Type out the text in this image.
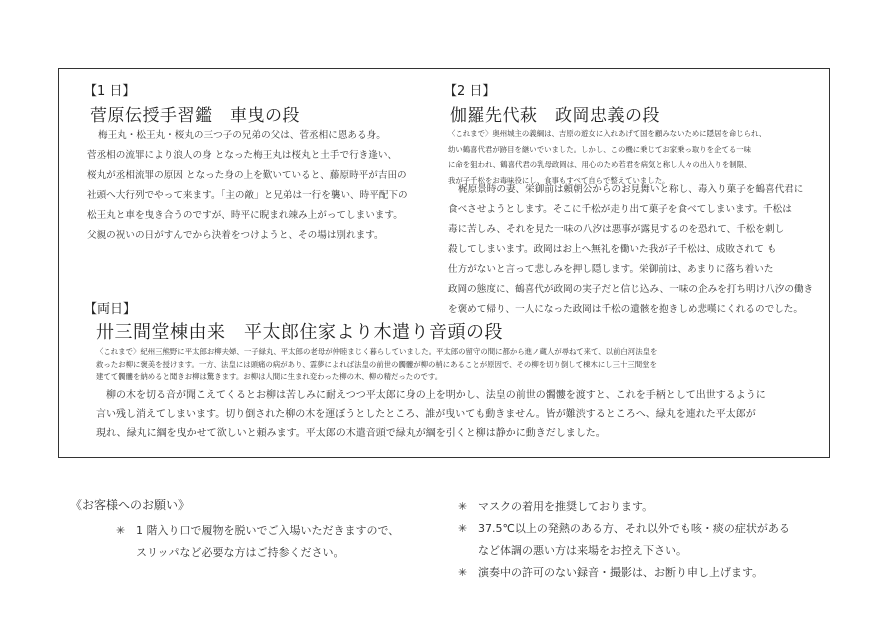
【1 日】
菅原伝授手習鑑　車曳の段
梅王丸・松王丸・桜丸の三つ子の兄弟の父は、菅丞相に恩ある身。
菅丞相の流罪により浪人の身 となった梅王丸は桜丸と土手で行き逢い、
桜丸が丞相流罪の原因 となった身の上を歎いていると、藤原時平が吉田の
社頭へ大行列でやって来ます。「主の敵」と兄弟は一行を襲い、時平配下の
松王丸と車を曳き合うのですが、時平に睨まれ竦み上がってしまいます。
父親の祝いの日がすんでから決着をつけようと、その場は別れます。
【2 日】
伽羅先代萩　政岡忠義の段
〈これまで〉奥州城主の義綱は、吉原の遊女に入れあげて国を顧みないために隠居を命じられ、
幼い鶴喜代君が跡目を継いでいました。しかし、この機に乗じてお家乗っ取りを企てる一味
に命を狙われ、鶴喜代君の乳母政岡は、用心のため若君を病気と称し人々の出入りを制限、
我が子千松をお毒味役にし、食事もすべて自らで整えていました。
梶原景時の妻、栄御前は頼朝公からのお見舞いと称し、毒入り菓子を鶴喜代君に
食べさせようとします。そこに千松が走り出て菓子を食べてしまいます。千松は
毒に苦しみ、それを見た一味の八汐は悪事が露見するのを恐れて、千松を刺し
殺してしまいます。政岡はお上へ無礼を働いた我が子千松は、成敗されて も
仕方がないと言って悲しみを押し隠します。栄御前は、あまりに落ち着いた
政岡の態度に、鶴喜代が政岡の実子だと信じ込み、一味の企みを打ち明け八汐の働き
を褒めて帰り、一人になった政岡は千松の遺骸を抱きしめ悲嘆にくれるのでした。
【両日】
卅三間堂棟由来　平太郎住家より木遣り音頭の段
〈これまで〉紀州三熊野に平太郎お柳夫婦、一子緑丸、平太郎の老母が仲睦まじく暮らしていました。平太郎の留守の間に都から進ノ蔵人が尋ねて来て、以前白河法皇を
救ったお柳に褒美を授けます。一方、法皇には頭痛の病があり、霊夢によれば法皇の前世の髑髏が柳の梢にあることが原因で、その柳を切り倒して棟木にし三十三間堂を
建てて髑髏を納めると聞きお柳は驚きます。お柳は人間に生まれ変わった柳の木、柳の精だったのです。
柳の木を切る音が聞こえてくるとお柳は苦しみに耐えつつ平太郎に身の上を明かし、法皇の前世の髑髏を渡すと、これを手柄として出世するように
言い残し消えてしまいます。切り倒された柳の木を運ぼうとしたところ、誰が曳いても動きません。皆が難渋するところへ、緑丸を連れた平太郎が
現れ、緑丸に綱を曳かせて欲しいと頼みます。平太郎の木遣音頭で緑丸が綱を引くと柳は静かに動きだしました。
《お客様へのお願い》
✳ 1 階入り口で履物を脱いでご入場いただきますので、
スリッパなど必要な方はご持参ください。
✳ マスクの着用を推奨しております。
✳ 37.5℃以上の発熱のある方、それ以外でも咳・痰の症状がある
など体調の悪い方は来場をお控え下さい。
✳ 演奏中の許可のない録音・撮影は、お断り申し上げます。
